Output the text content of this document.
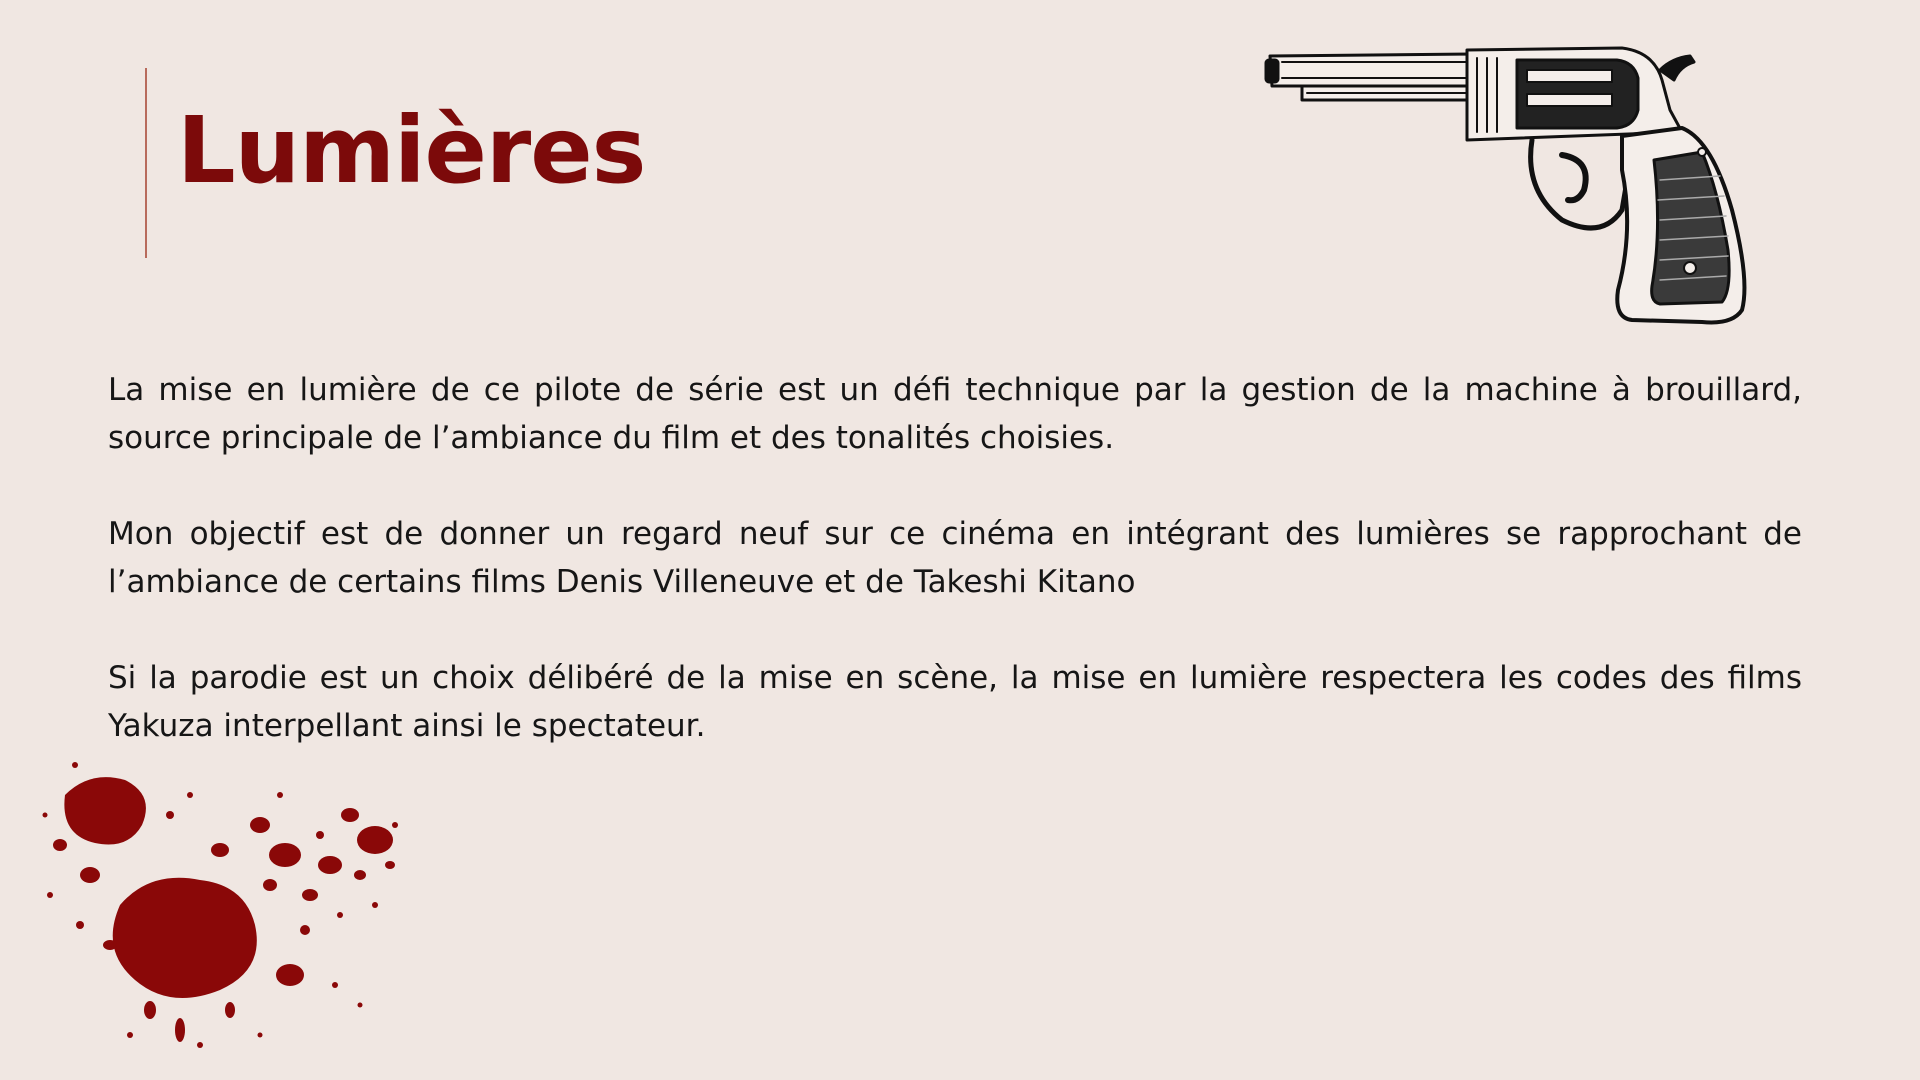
Lumières

La mise en lumière de ce pilote de série est un défi technique par la gestion de la machine à brouillard, source principale de l’ambiance du film et des tonalités choisies.

Mon objectif est de donner un regard neuf sur ce cinéma en intégrant des lumières se rapprochant de l’ambiance de certains films Denis Villeneuve et de Takeshi Kitano

Si la parodie est un choix délibéré de la mise en scène, la mise en lumière respectera les codes des films Yakuza interpellant ainsi le spectateur.
